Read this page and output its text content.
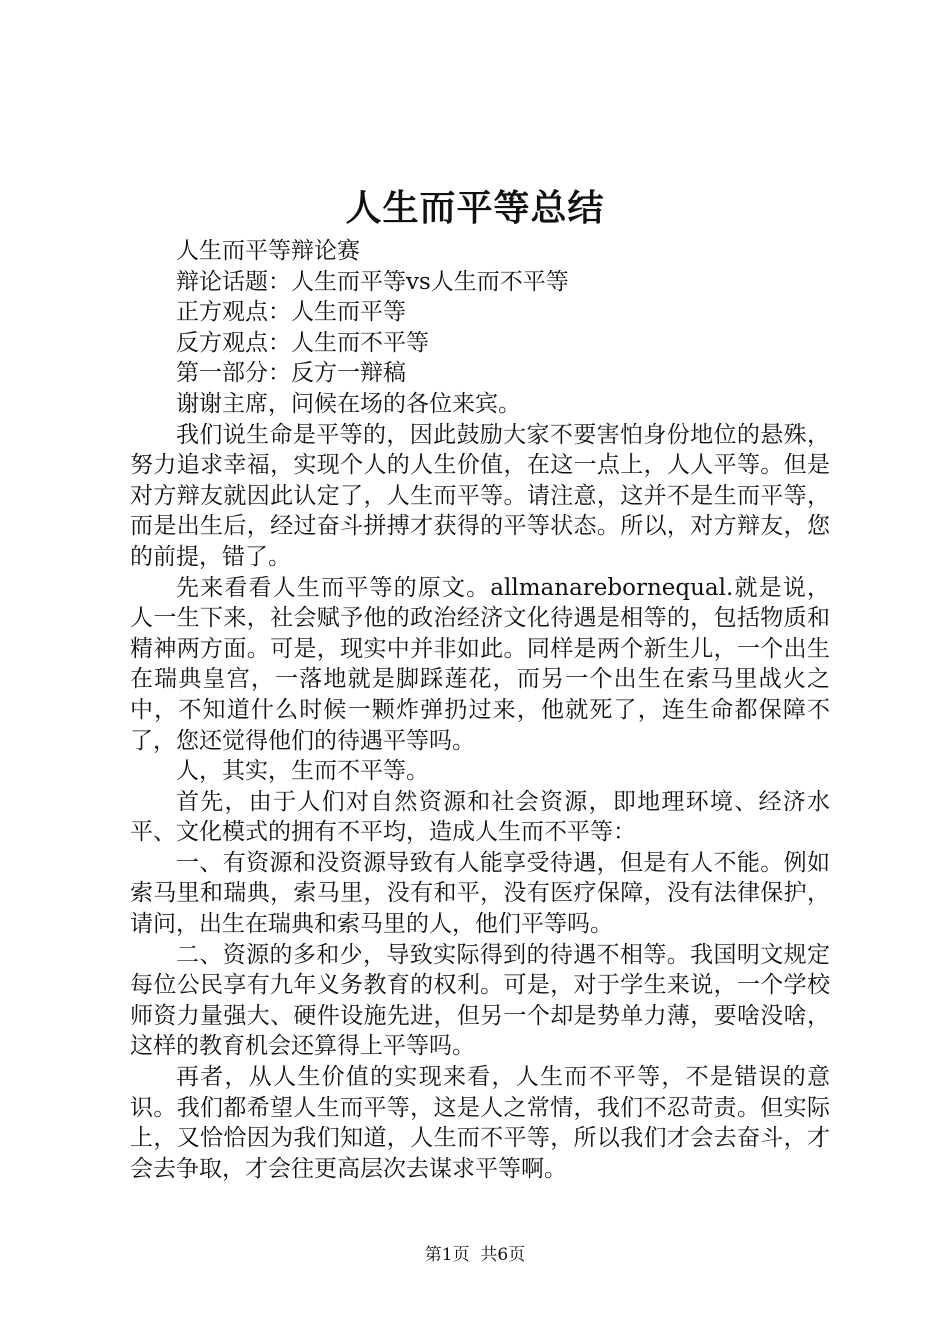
人生而平等总结

人生而平等辩论赛

辩论话题：人生而平等vs人生而不平等

正方观点：人生而平等

反方观点：人生而不平等

第一部分：反方一辩稿

谢谢主席，问候在场的各位来宾。

我们说生命是平等的，因此鼓励大家不要害怕身份地位的悬殊，努力追求幸福，实现个人的人生价值，在这一点上，人人平等。但是对方辩友就因此认定了，人生而平等。请注意，这并不是生而平等，而是出生后，经过奋斗拼搏才获得的平等状态。所以，对方辩友，您的前提，错了。

先来看看人生而平等的原文。allmanarebornequal.就是说，人一生下来，社会赋予他的政治经济文化待遇是相等的，包括物质和精神两方面。可是，现实中并非如此。同样是两个新生儿，一个出生在瑞典皇宫，一落地就是脚踩莲花，而另一个出生在索马里战火之中，不知道什么时候一颗炸弹扔过来，他就死了，连生命都保障不了，您还觉得他们的待遇平等吗。

人，其实，生而不平等。

首先，由于人们对自然资源和社会资源，即地理环境、经济水平、文化模式的拥有不平均，造成人生而不平等：

一、有资源和没资源导致有人能享受待遇，但是有人不能。例如索马里和瑞典，索马里，没有和平，没有医疗保障，没有法律保护，请问，出生在瑞典和索马里的人，他们平等吗。

二、资源的多和少，导致实际得到的待遇不相等。我国明文规定每位公民享有九年义务教育的权利。可是，对于学生来说，一个学校师资力量强大、硬件设施先进，但另一个却是势单力薄，要啥没啥，这样的教育机会还算得上平等吗。

再者，从人生价值的实现来看，人生而不平等，不是错误的意识。我们都希望人生而平等，这是人之常情，我们不忍苛责。但实际上，又恰恰因为我们知道，人生而不平等，所以我们才会去奋斗，才会去争取，才会往更高层次去谋求平等啊。

第1页  共6页
